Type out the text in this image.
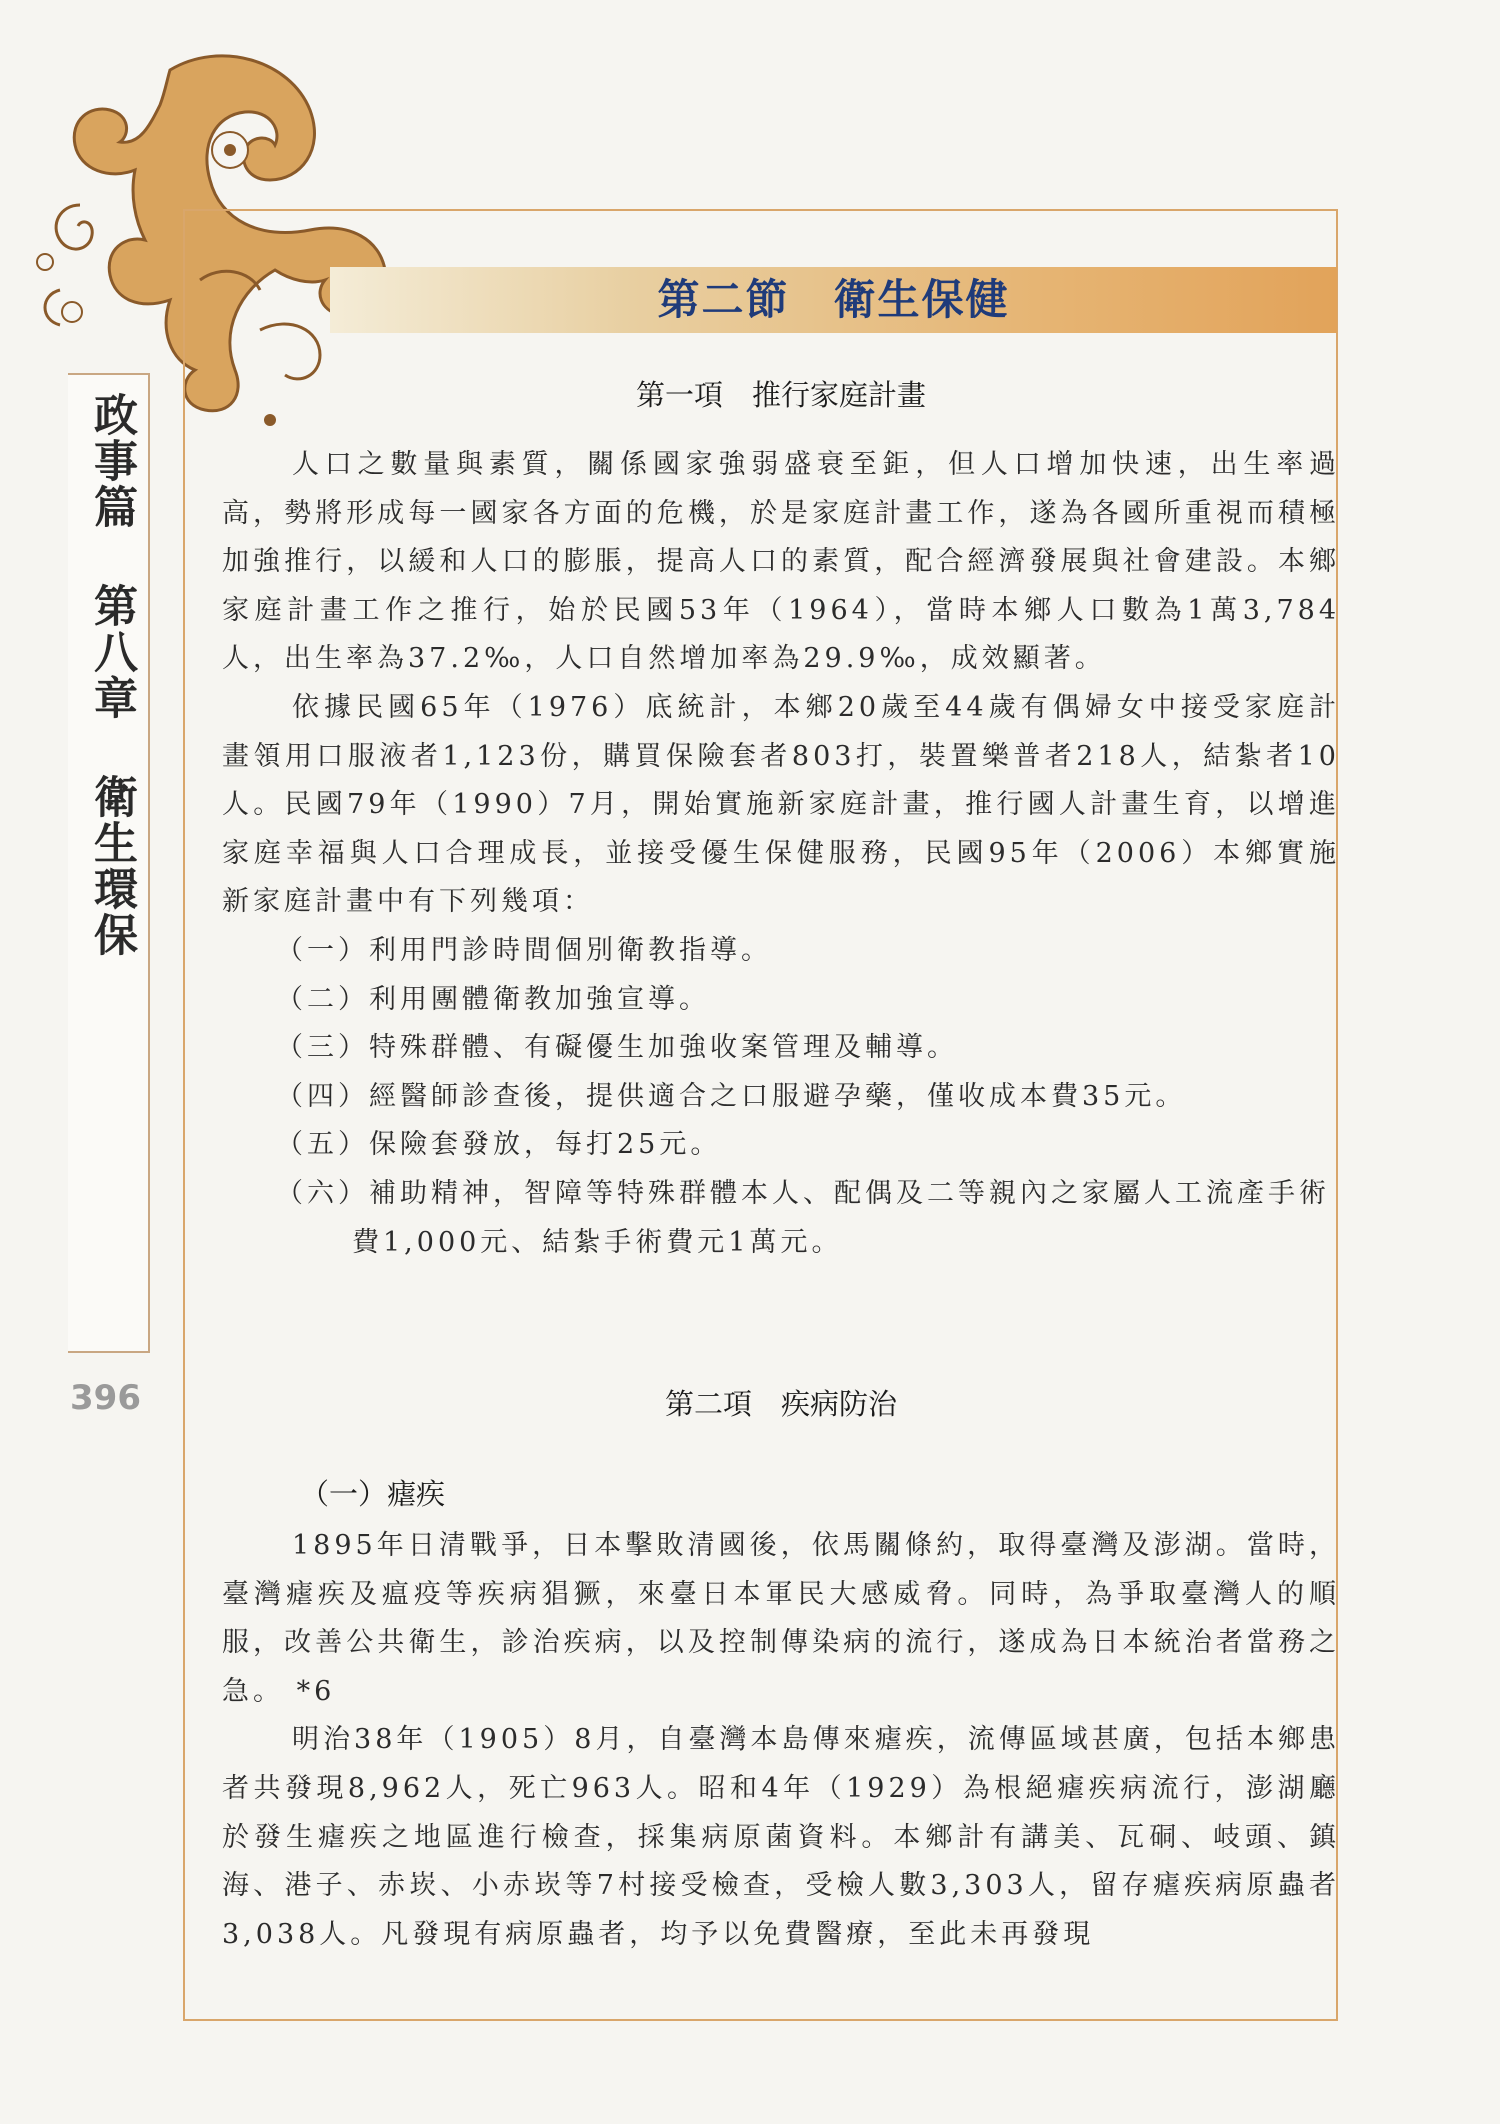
政事篇 第八章 衛生環保
396
第二節　衛生保健
第一項　推行家庭計畫

人口之數量與素質，關係國家強弱盛衰至鉅，但人口增加快速，出生率過高，勢將形成每一國家各方面的危機，於是家庭計畫工作，遂為各國所重視而積極加強推行，以緩和人口的膨脹，提高人口的素質，配合經濟發展與社會建設。本鄉家庭計畫工作之推行，始於民國53年（1964），當時本鄉人口數為1萬3,784人，出生率為37.2‰，人口自然增加率為29.9‰，成效顯著。

依據民國65年（1976）底統計，本鄉20歲至44歲有偶婦女中接受家庭計畫領用口服液者1,123份，購買保險套者803打，裝置樂普者218人，結紮者10人。民國79年（1990）7月，開始實施新家庭計畫，推行國人計畫生育，以增進家庭幸福與人口合理成長，並接受優生保健服務，民國95年（2006）本鄉實施新家庭計畫中有下列幾項：

（一）利用門診時間個別衛教指導。

（二）利用團體衛教加強宣導。

（三）特殊群體、有礙優生加強收案管理及輔導。

（四）經醫師診查後，提供適合之口服避孕藥，僅收成本費35元。

（五）保險套發放，每打25元。

（六）補助精神，智障等特殊群體本人、配偶及二等親內之家屬人工流產手術費1,000元、結紮手術費元1萬元。

第二項　疾病防治
（一）瘧疾

1895年日清戰爭，日本擊敗清國後，依馬關條約，取得臺灣及澎湖。當時，臺灣瘧疾及瘟疫等疾病猖獗，來臺日本軍民大感威脅。同時，為爭取臺灣人的順服，改善公共衛生，診治疾病，以及控制傳染病的流行，遂成為日本統治者當務之急。 *6

明治38年（1905）8月，自臺灣本島傳來瘧疾，流傳區域甚廣，包括本鄉患者共發現8,962人，死亡963人。昭和4年（1929）為根絕瘧疾病流行，澎湖廳於發生瘧疾之地區進行檢查，採集病原菌資料。本鄉計有講美、瓦硐、岐頭、鎮海、港子、赤崁、小赤崁等7村接受檢查，受檢人數3,303人，留存瘧疾病原蟲者3,038人。凡發現有病原蟲者，均予以免費醫療，至此未再發現
